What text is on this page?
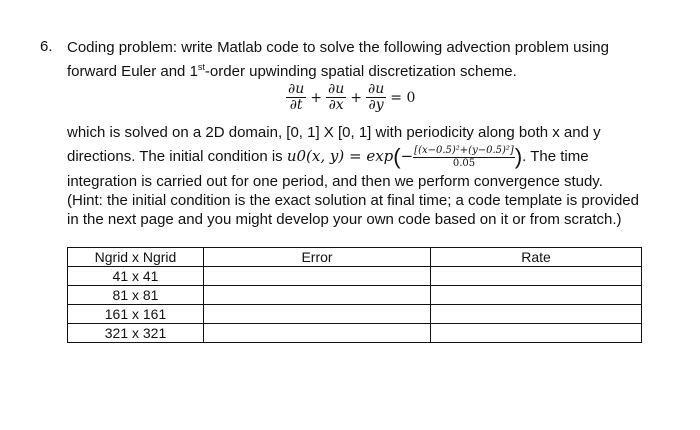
6. Coding problem: write Matlab code to solve the following advection problem using
forward Euler and 1st-order upwinding spatial discretization scheme.
$\frac{\partial u}{\partial t} + \frac{\partial u}{\partial x} + \frac{\partial u}{\partial y} = 0$
which is solved on a 2D domain, [0, 1] X [0, 1] with periodicity along both x and y
directions. The initial condition is u0(x, $y) = \exp(- \frac{\text{[(x−0.5)²+(y−0.5)²]}}{0.05}$ ). The time
integration is carried out for one period, and then we perform convergence study.
(Hint: the initial condition is the exact solution at final time; a code template is provided
in the next page and you might develop your own code based on it or from scratch.)
Ngrid x Ngrid	Error	Rate
41 x 41		
81 x 81		
161 x 161		
321 x 321		
